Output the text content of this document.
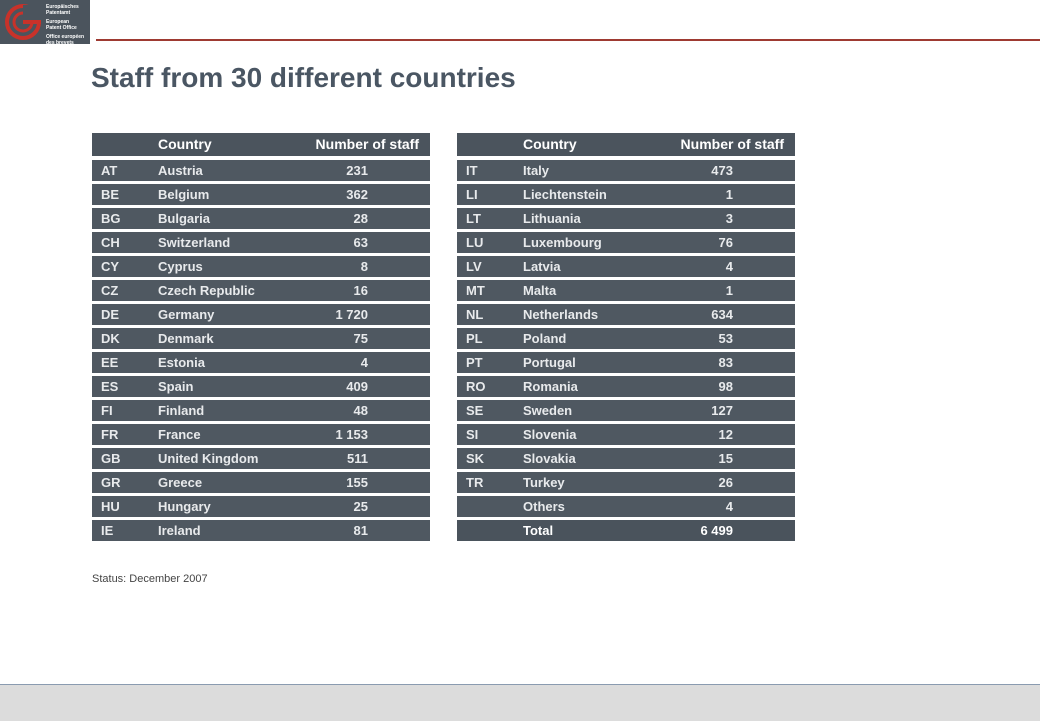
Europäisches
Patentamt
European
Patent Office
Office européen
des brevets
Staff from 30 different countries
Country	Number of staff
AT	Austria	231
BE	Belgium	362
BG	Bulgaria	28
CH	Switzerland	63
CY	Cyprus	8
CZ	Czech Republic	16
DE	Germany	1 720
DK	Denmark	75
EE	Estonia	4
ES	Spain	409
FI	Finland	48
FR	France	1 153
GB	United Kingdom	511
GR	Greece	155
HU	Hungary	25
IE	Ireland	81
Country	Number of staff
IT	Italy	473
LI	Liechtenstein	1
LT	Lithuania	3
LU	Luxembourg	76
LV	Latvia	4
MT	Malta	1
NL	Netherlands	634
PL	Poland	53
PT	Portugal	83
RO	Romania	98
SE	Sweden	127
SI	Slovenia	12
SK	Slovakia	15
TR	Turkey	26
Others	4
Total	6 499
Status: December 2007
